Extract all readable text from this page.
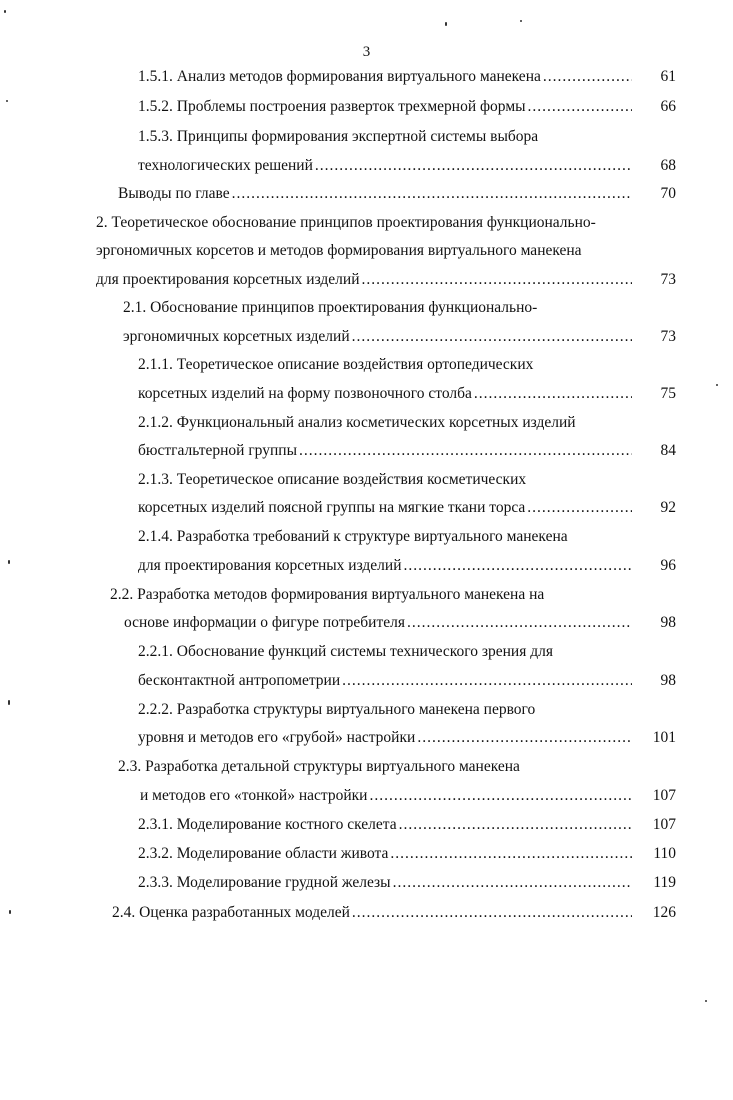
3
1.5.1. Анализ методов формирования виртуального манекена .....	61
1.5.2. Проблемы построения разверток трехмерной формы .....	66
1.5.3. Принципы формирования экспертной системы выбора
технологических решений .....	68
Выводы по главе .....	70
2. Теоретическое обоснование принципов проектирования функционально-
эргономичных корсетов и методов формирования виртуального манекена
для проектирования корсетных изделий .....	73
2.1. Обоснование принципов проектирования функционально-
эргономичных корсетных изделий .....	73
2.1.1. Теоретическое описание воздействия ортопедических
корсетных изделий на форму позвоночного столба .....	75
2.1.2. Функциональный анализ косметических корсетных изделий
бюстгальтерной группы .....	84
2.1.3. Теоретическое описание воздействия косметических
корсетных изделий поясной группы на мягкие ткани торса .....	92
2.1.4. Разработка требований к структуре виртуального манекена
для проектирования корсетных изделий .....	96
2.2. Разработка методов формирования виртуального манекена на
основе информации о фигуре потребителя .....	98
2.2.1. Обоснование функций системы технического зрения для
бесконтактной антропометрии .....	98
2.2.2. Разработка структуры виртуального манекена первого
уровня и методов его «грубой» настройки .....	101
2.3. Разработка детальной структуры виртуального манекена
и методов его «тонкой» настройки .....	107
2.3.1. Моделирование костного скелета .....	107
2.3.2. Моделирование области живота .....	110
2.3.3. Моделирование грудной железы .....	119
2.4. Оценка разработанных моделей .....	126
